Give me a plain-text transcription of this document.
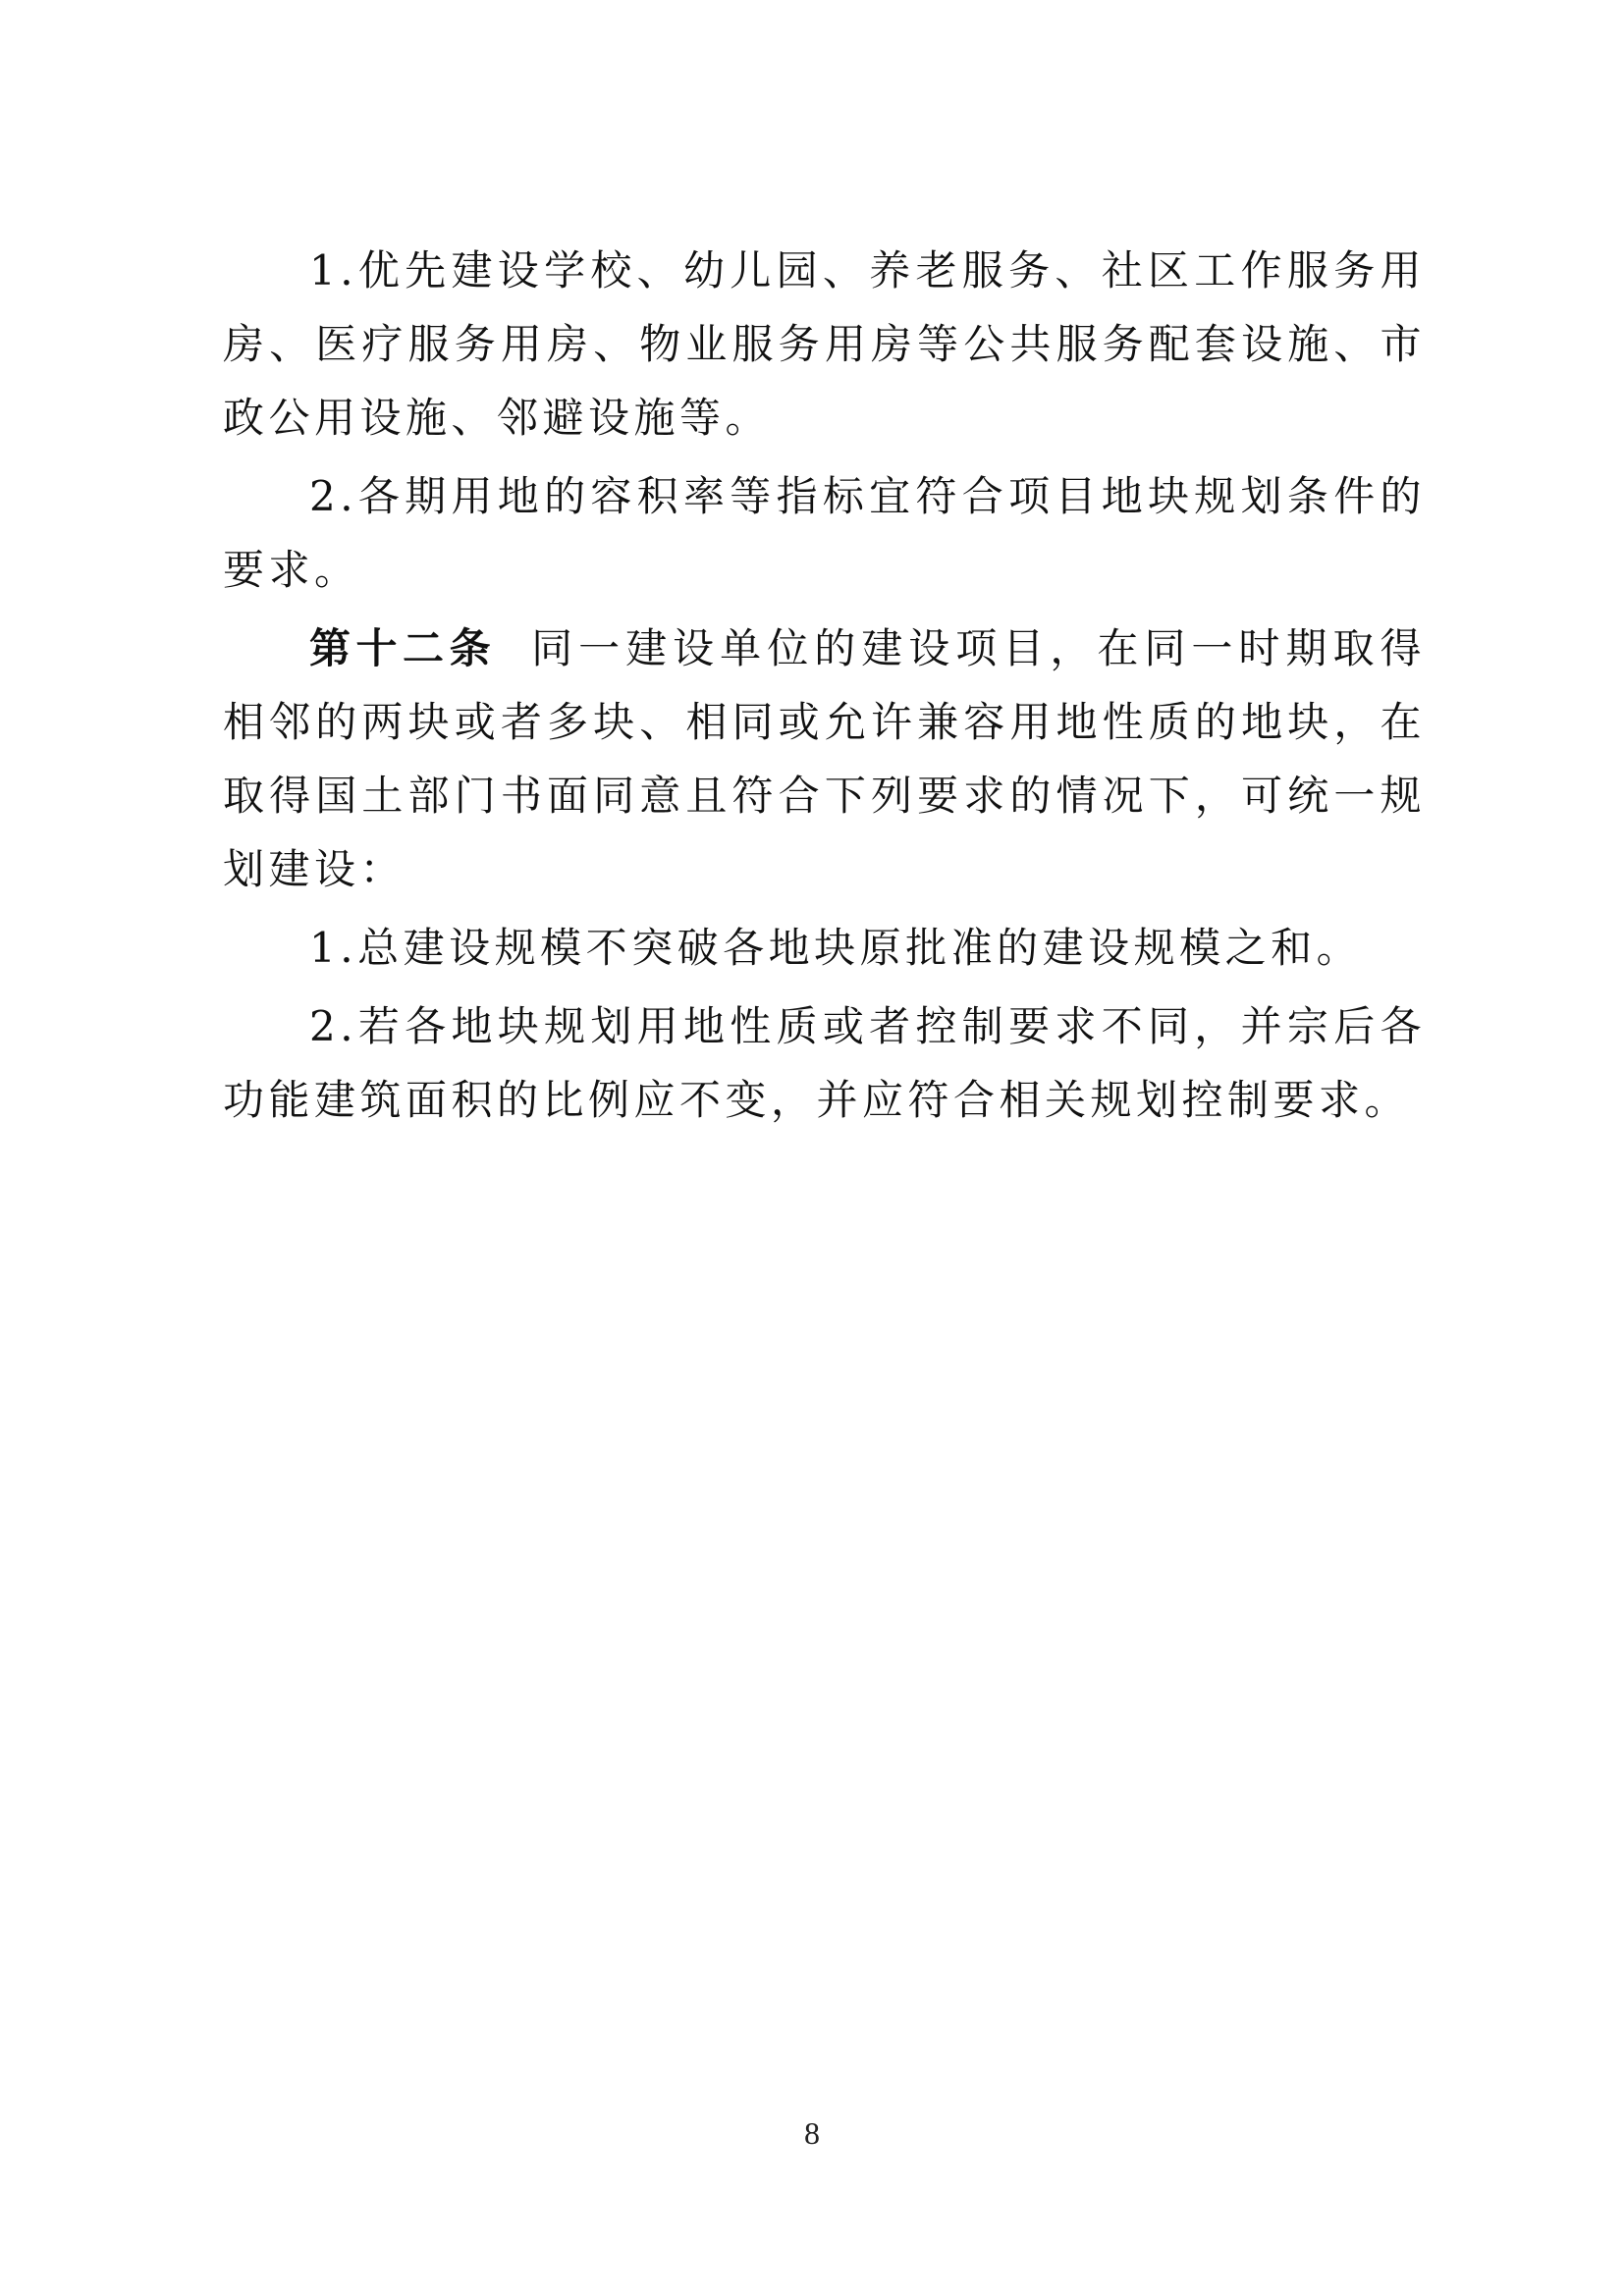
1.优先建设学校、幼儿园、养老服务、社区工作服务用房、医疗服务用房、物业服务用房等公共服务配套设施、市政公用设施、邻避设施等。

2.各期用地的容积率等指标宜符合项目地块规划条件的要求。

第十二条 同一建设单位的建设项目，在同一时期取得相邻的两块或者多块、相同或允许兼容用地性质的地块，在取得国土部门书面同意且符合下列要求的情况下，可统一规划建设：

1.总建设规模不突破各地块原批准的建设规模之和。

2.若各地块规划用地性质或者控制要求不同，并宗后各功能建筑面积的比例应不变，并应符合相关规划控制要求。

8
